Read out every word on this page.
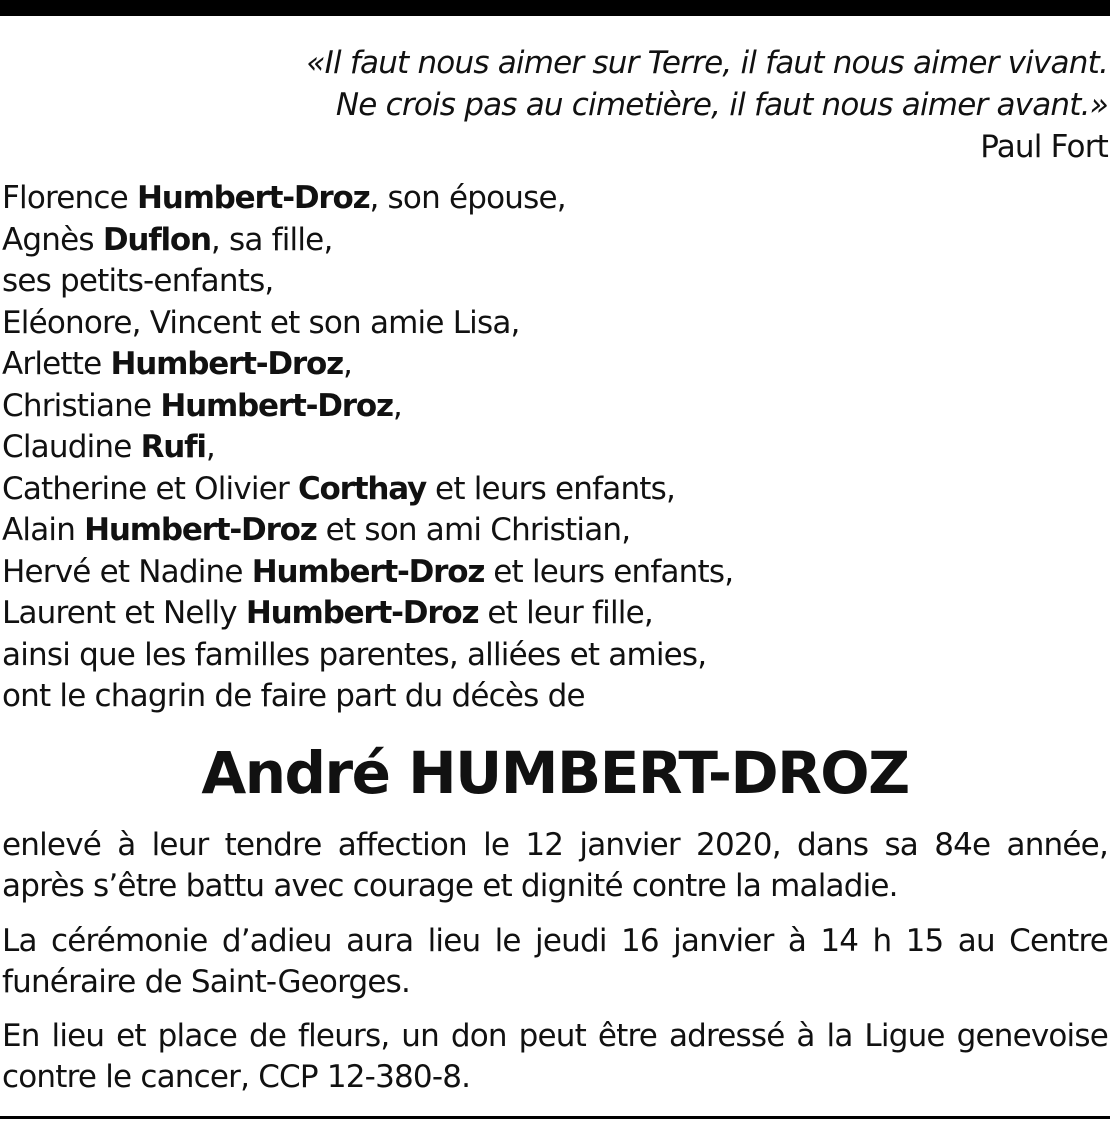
«Il faut nous aimer sur Terre, il faut nous aimer vivant.
Ne crois pas au cimetière, il faut nous aimer avant.»
Paul Fort
Florence Humbert-Droz, son épouse,
Agnès Duflon, sa fille,
ses petits-enfants,
Eléonore, Vincent et son amie Lisa,
Arlette Humbert-Droz,
Christiane Humbert-Droz,
Claudine Rufi,
Catherine et Olivier Corthay et leurs enfants,
Alain Humbert-Droz et son ami Christian,
Hervé et Nadine Humbert-Droz et leurs enfants,
Laurent et Nelly Humbert-Droz et leur fille,
ainsi que les familles parentes, alliées et amies,
ont le chagrin de faire part du décès de
André HUMBERT-DROZ
enlevé à leur tendre affection le 12 janvier 2020, dans sa 84e année,
après s’être battu avec courage et dignité contre la maladie.
La cérémonie d’adieu aura lieu le jeudi 16 janvier à 14 h 15 au Centre
funéraire de Saint-Georges.
En lieu et place de fleurs, un don peut être adressé à la Ligue genevoise
contre le cancer, CCP 12-380-8.
